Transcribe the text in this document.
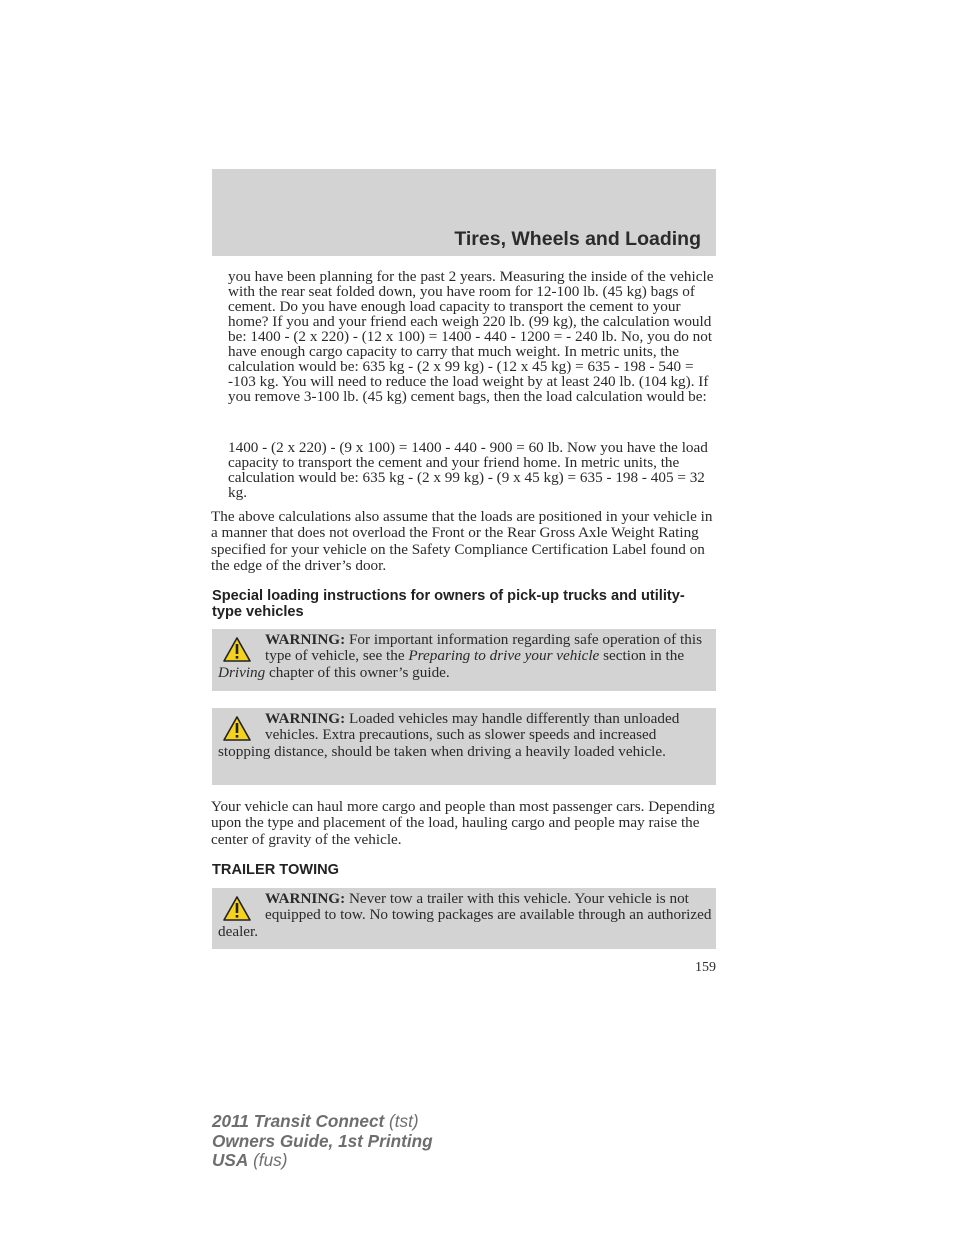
Tires, Wheels and Loading

you have been planning for the past 2 years. Measuring the inside of the vehicle with the rear seat folded down, you have room for 12-100 lb. (45 kg) bags of cement. Do you have enough load capacity to transport the cement to your home? If you and your friend each weigh 220 lb. (99 kg), the calculation would be: 1400 - (2 x 220) - (12 x 100) = 1400 - 440 - 1200 = - 240 lb. No, you do not have enough cargo capacity to carry that much weight. In metric units, the calculation would be: 635 kg - (2 x 99 kg) - (12 x 45 kg) = 635 - 198 - 540 = -103 kg. You will need to reduce the load weight by at least 240 lb. (104 kg). If you remove 3-100 lb. (45 kg) cement bags, then the load calculation would be:

1400 - (2 x 220) - (9 x 100) = 1400 - 440 - 900 = 60 lb. Now you have the load capacity to transport the cement and your friend home. In metric units, the calculation would be: 635 kg - (2 x 99 kg) - (9 x 45 kg) = 635 - 198 - 405 = 32 kg.

The above calculations also assume that the loads are positioned in your vehicle in a manner that does not overload the Front or the Rear Gross Axle Weight Rating specified for your vehicle on the Safety Compliance Certification Label found on the edge of the driver’s door.

Special loading instructions for owners of pick-up trucks and utility-type vehicles

WARNING: For important information regarding safe operation of this type of vehicle, see the Preparing to drive your vehicle section in the Driving chapter of this owner’s guide.

WARNING: Loaded vehicles may handle differently than unloaded vehicles. Extra precautions, such as slower speeds and increased stopping distance, should be taken when driving a heavily loaded vehicle.

Your vehicle can haul more cargo and people than most passenger cars. Depending upon the type and placement of the load, hauling cargo and people may raise the center of gravity of the vehicle.

TRAILER TOWING

WARNING: Never tow a trailer with this vehicle. Your vehicle is not equipped to tow. No towing packages are available through an authorized dealer.

159
2011 Transit Connect (tst)
Owners Guide, 1st Printing
USA (fus)
